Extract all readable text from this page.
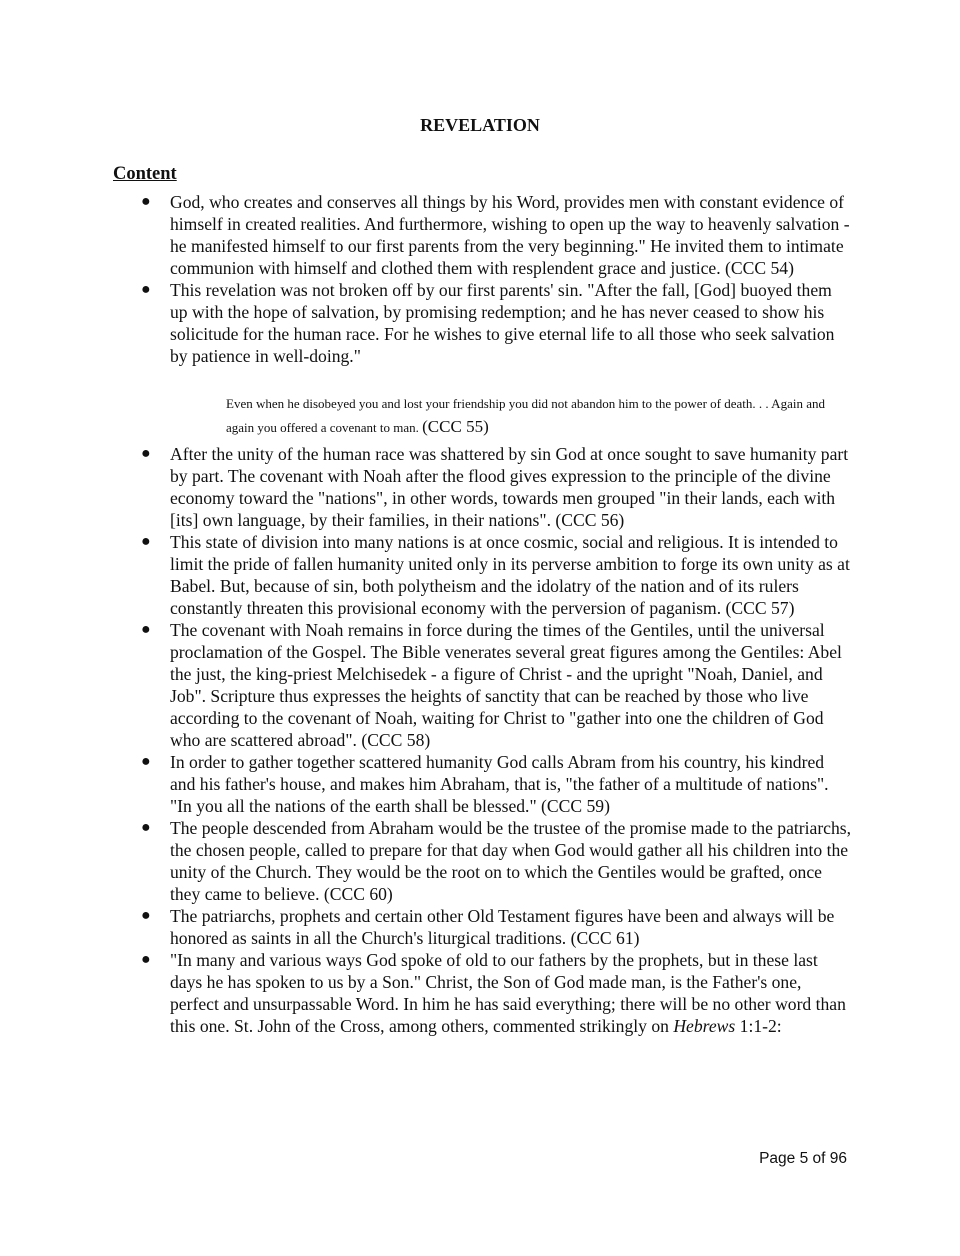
REVELATION
Content
● God, who creates and conserves all things by his Word, provides men with constant evidence of himself in created realities. And furthermore, wishing to open up the way to heavenly salvation - he manifested himself to our first parents from the very beginning." He invited them to intimate communion with himself and clothed them with resplendent grace and justice. (CCC 54)
● This revelation was not broken off by our first parents' sin. "After the fall, [God] buoyed them up with the hope of salvation, by promising redemption; and he has never ceased to show his solicitude for the human race. For he wishes to give eternal life to all those who seek salvation by patience in well-doing."

Even when he disobeyed you and lost your friendship you did not abandon him to the power of death. . . Again and again you offered a covenant to man. (CCC 55)

● After the unity of the human race was shattered by sin God at once sought to save humanity part by part. The covenant with Noah after the flood gives expression to the principle of the divine economy toward the "nations", in other words, towards men grouped "in their lands, each with [its] own language, by their families, in their nations". (CCC 56)
● This state of division into many nations is at once cosmic, social and religious. It is intended to limit the pride of fallen humanity united only in its perverse ambition to forge its own unity as at Babel. But, because of sin, both polytheism and the idolatry of the nation and of its rulers constantly threaten this provisional economy with the perversion of paganism. (CCC 57)
● The covenant with Noah remains in force during the times of the Gentiles, until the universal proclamation of the Gospel. The Bible venerates several great figures among the Gentiles: Abel the just, the king-priest Melchisedek - a figure of Christ - and the upright "Noah, Daniel, and Job". Scripture thus expresses the heights of sanctity that can be reached by those who live according to the covenant of Noah, waiting for Christ to "gather into one the children of God who are scattered abroad". (CCC 58)
● In order to gather together scattered humanity God calls Abram from his country, his kindred and his father's house, and makes him Abraham, that is, "the father of a multitude of nations". "In you all the nations of the earth shall be blessed." (CCC 59)
● The people descended from Abraham would be the trustee of the promise made to the patriarchs, the chosen people, called to prepare for that day when God would gather all his children into the unity of the Church. They would be the root on to which the Gentiles would be grafted, once they came to believe. (CCC 60)
● The patriarchs, prophets and certain other Old Testament figures have been and always will be honored as saints in all the Church's liturgical traditions. (CCC 61)
● "In many and various ways God spoke of old to our fathers by the prophets, but in these last days he has spoken to us by a Son." Christ, the Son of God made man, is the Father's one, perfect and unsurpassable Word. In him he has said everything; there will be no other word than this one. St. John of the Cross, among others, commented strikingly on Hebrews 1:1-2:

Page 5 of 96
